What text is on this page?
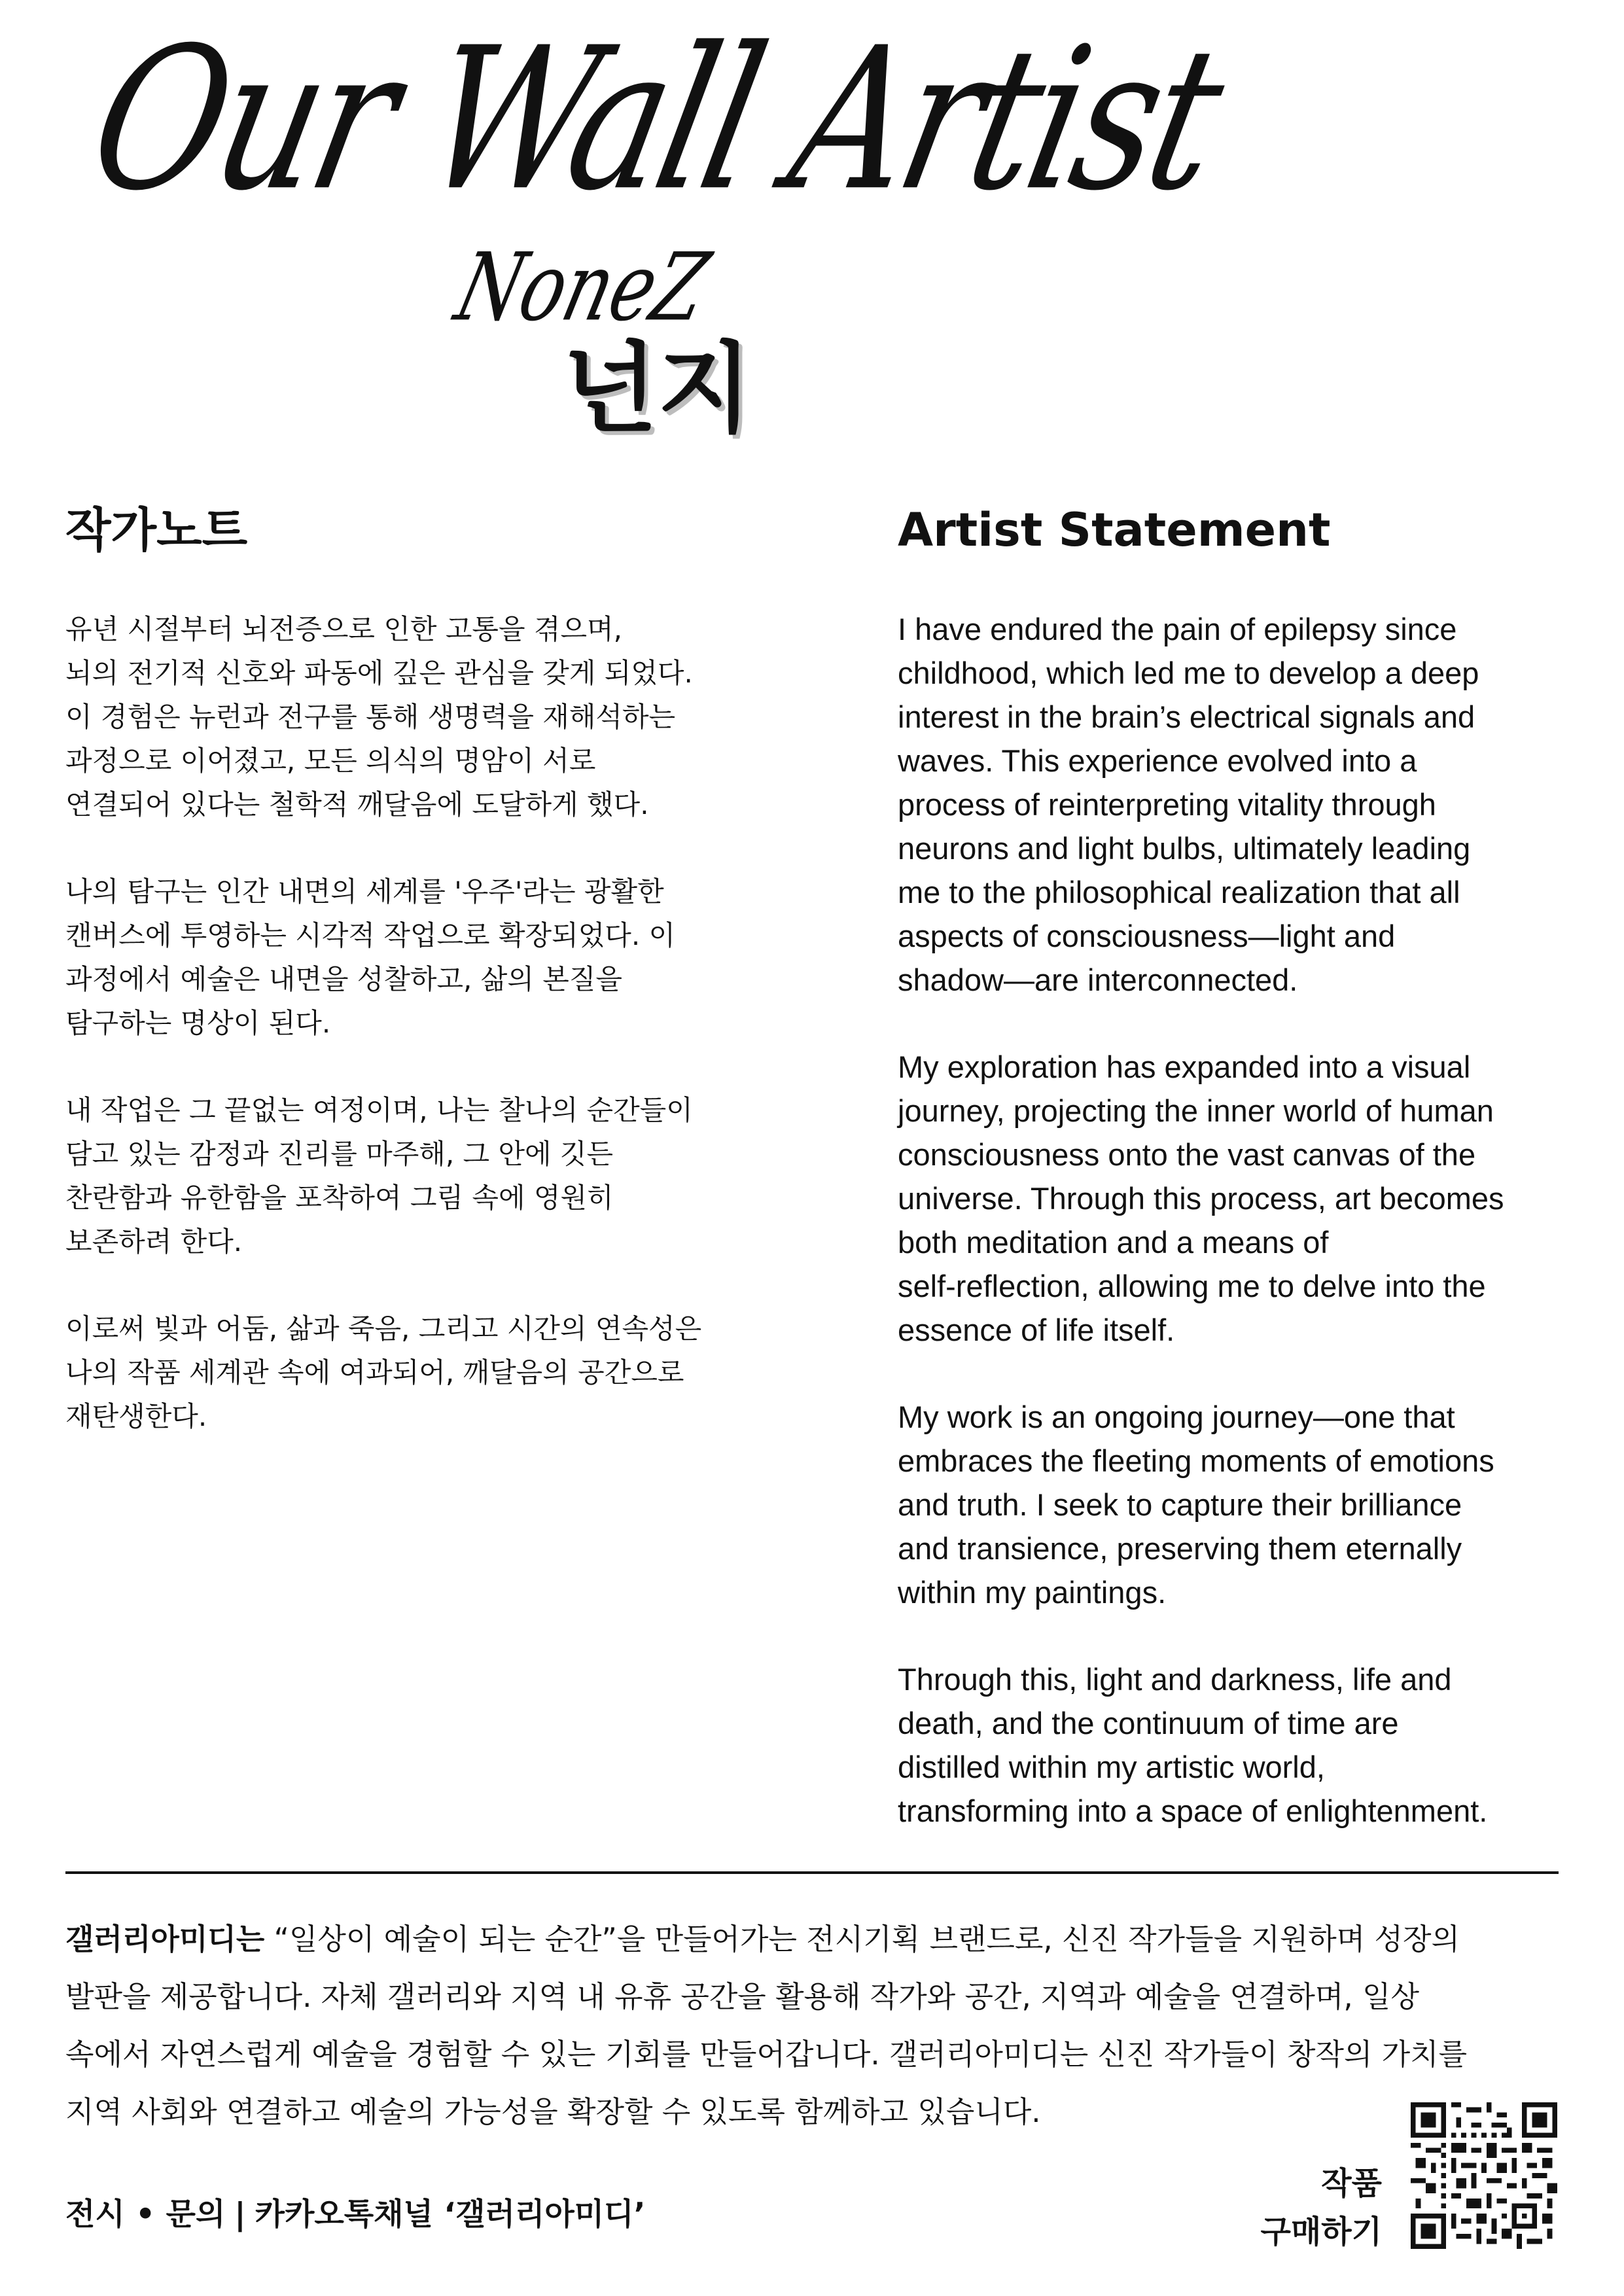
Our Wall Artist
NoneZ
넌지
작가노트
유년 시절부터 뇌전증으로 인한 고통을 겪으며,
뇌의 전기적 신호와 파동에 깊은 관심을 갖게 되었다.
이 경험은 뉴런과 전구를 통해 생명력을 재해석하는
과정으로 이어졌고, 모든 의식의 명암이 서로
연결되어 있다는 철학적 깨달음에 도달하게 했다.
나의 탐구는 인간 내면의 세계를 '우주'라는 광활한
캔버스에 투영하는 시각적 작업으로 확장되었다. 이
과정에서 예술은 내면을 성찰하고, 삶의 본질을
탐구하는 명상이 된다.
내 작업은 그 끝없는 여정이며, 나는 찰나의 순간들이
담고 있는 감정과 진리를 마주해, 그 안에 깃든
찬란함과 유한함을 포착하여 그림 속에 영원히
보존하려 한다.
이로써 빛과 어둠, 삶과 죽음, 그리고 시간의 연속성은
나의 작품 세계관 속에 여과되어, 깨달음의 공간으로
재탄생한다.
Artist Statement
I have endured the pain of epilepsy since
childhood, which led me to develop a deep
interest in the brain’s electrical signals and
waves. This experience evolved into a
process of reinterpreting vitality through
neurons and light bulbs, ultimately leading
me to the philosophical realization that all
aspects of consciousness—light and
shadow—are interconnected.
My exploration has expanded into a visual
journey, projecting the inner world of human
consciousness onto the vast canvas of the
universe. Through this process, art becomes
both meditation and a means of
self-reflection, allowing me to delve into the
essence of life itself.
My work is an ongoing journey—one that
embraces the fleeting moments of emotions
and truth. I seek to capture their brilliance
and transience, preserving them eternally
within my paintings.
Through this, light and darkness, life and
death, and the continuum of time are
distilled within my artistic world,
transforming into a space of enlightenment.
갤러리아미디는 “일상이 예술이 되는 순간”을 만들어가는 전시기획 브랜드로, 신진 작가들을 지원하며 성장의
발판을 제공합니다. 자체 갤러리와 지역 내 유휴 공간을 활용해 작가와 공간, 지역과 예술을 연결하며, 일상
속에서 자연스럽게 예술을 경험할 수 있는 기회를 만들어갑니다. 갤러리아미디는 신진 작가들이 창작의 가치를
지역 사회와 연결하고 예술의 가능성을 확장할 수 있도록 함께하고 있습니다.
전시 • 문의 | 카카오톡채널 ‘갤러리아미디’
작품
구매하기
